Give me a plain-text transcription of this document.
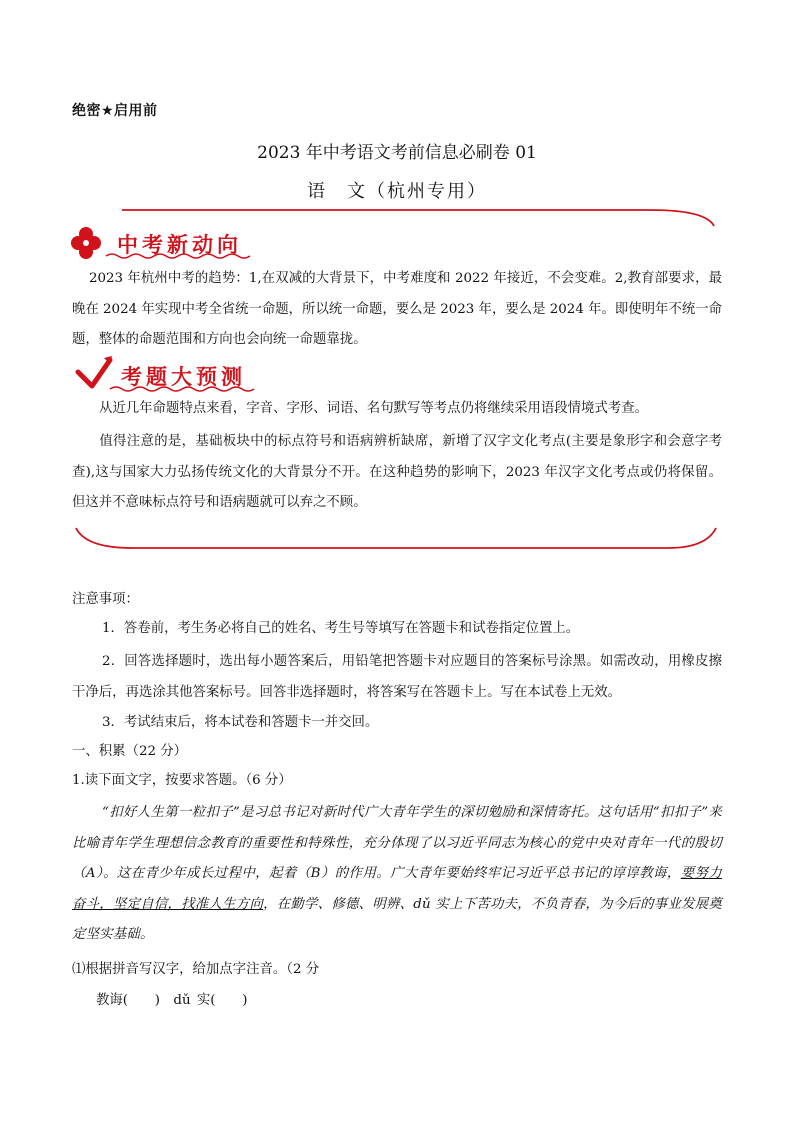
绝密★启用前
2023 年中考语文考前信息必刷卷 01
语　文（杭州专用）
中考新动向
2023 年杭州中考的趋势：1,在双减的大背景下，中考难度和 2022 年接近，不会变难。2,教育部要求，最晚在 2024 年实现中考全省统一命题，所以统一命题，要么是 2023 年，要么是 2024 年。即使明年不统一命题，整体的命题范围和方向也会向统一命题靠拢。
考题大预测
从近几年命题特点来看，字音、字形、词语、名句默写等考点仍将继续采用语段情境式考查。
值得注意的是，基础板块中的标点符号和语病辨析缺席，新增了汉字文化考点(主要是象形字和会意字考查),这与国家大力弘扬传统文化的大背景分不开。在这种趋势的影响下，2023 年汉字文化考点或仍将保留。但这并不意味标点符号和语病题就可以弃之不顾。
注意事项：
1．答卷前，考生务必将自己的姓名、考生号等填写在答题卡和试卷指定位置上。
2．回答选择题时，选出每小题答案后，用铅笔把答题卡对应题目的答案标号涂黑。如需改动，用橡皮擦干净后，再选涂其他答案标号。回答非选择题时，将答案写在答题卡上。写在本试卷上无效。
3．考试结束后，将本试卷和答题卡一并交回。
一、积累（22 分）
1.读下面文字，按要求答题。（6 分）
“扣好人生第一粒扣子”是习总书记对新时代广大青年学生的深切勉励和深情寄托。这句话用“扣扣子”来比喻青年学生理想信念教育的重要性和特殊性，充分体现了以习近平同志为核心的党中央对青年一代的殷切（A）。这在青少年成长过程中，起着（B）的作用。广大青年要始终牢记习近平总书记的谆谆教诲，要努力奋斗，坚定自信，找准人生方向，在勤学、修德、明辨、dǔ 实上下苦功夫，不负青春，为今后的事业发展奠定坚实基础。
⑴根据拼音写汉字，给加点字注音。（2 分
教诲(　　)　dǔ 实(　　)
